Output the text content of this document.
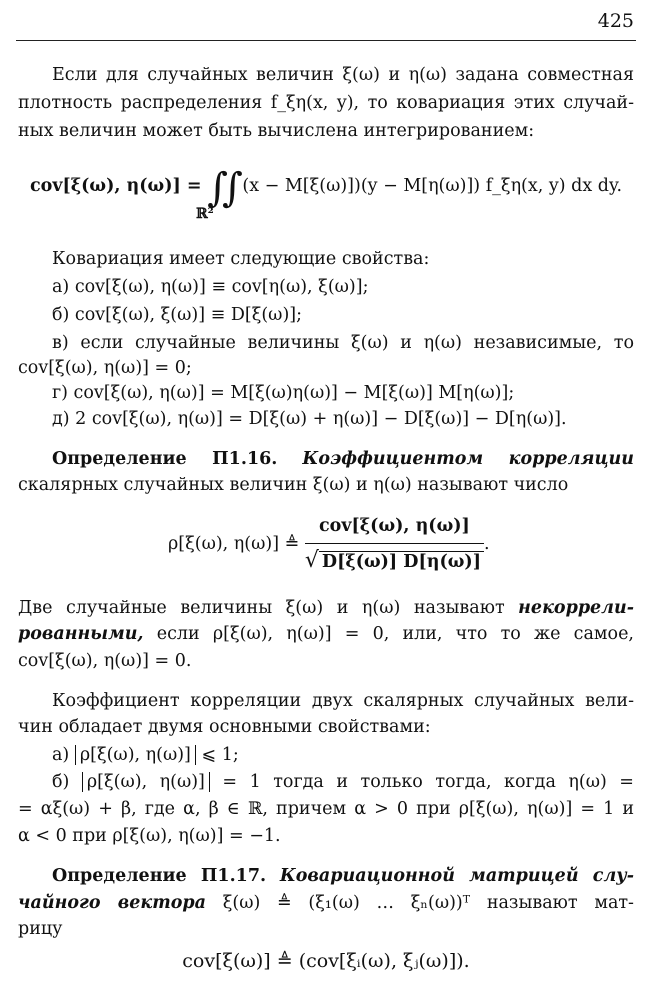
425
Если для случайных величин ξ(ω) и η(ω) задана совместная
плотность распределения f_ξη(x, y), то ковариация этих случай-
ных величин может быть вычислена интегрированием:
cov[ξ(ω), η(ω)] = ∫∫ (x − M[ξ(ω)])(y − M[η(ω)]) f_ξη(x, y) dx dy.
ℝ²
Ковариация имеет следующие свойства:
а) cov[ξ(ω), η(ω)] ≡ cov[η(ω), ξ(ω)];
б) cov[ξ(ω), ξ(ω)] ≡ D[ξ(ω)];
в) если случайные величины ξ(ω) и η(ω) независимые, то
cov[ξ(ω), η(ω)] = 0;
г) cov[ξ(ω), η(ω)] = M[ξ(ω)η(ω)] − M[ξ(ω)] M[η(ω)];
д) 2 cov[ξ(ω), η(ω)] = D[ξ(ω) + η(ω)] − D[ξ(ω)] − D[η(ω)].
Определение П1.16. Коэффициентом корреляции
скалярных случайных величин ξ(ω) и η(ω) называют число
ρ[ξ(ω), η(ω)] ≜ $\frac{\text{cov[ξ(ω), η(ω)]}}{√ D[\xi(\omega)] D[\eta(\omega)]}$ .
Две случайные величины ξ(ω) и η(ω) называют некоррели-
рованными, если ρ[ξ(ω), η(ω)] = 0, или, что то же самое,
cov[ξ(ω), η(ω)] = 0.
Коэффициент корреляции двух скалярных случайных вели-
чин обладает двумя основными свойствами:
а) ρ[ξ(ω), η(ω)] ⩽ 1;
б) ρ[ξ(ω), η(ω)] = 1 тогда и только тогда, когда η(ω) =
= αξ(ω) + β, где α, β ∈ ℝ, причем α > 0 при ρ[ξ(ω), η(ω)] = 1 и
α < 0 при ρ[ξ(ω), η(ω)] = −1.
Определение П1.17. Ковариационной матрицей слу-
чайного вектора ξ(ω) ≜ (ξ₁(ω) … ξₙ(ω))ᵀ называют мат-
рицу
cov[ξ(ω)] ≜ (cov[ξᵢ(ω), ξⱼ(ω)]).
